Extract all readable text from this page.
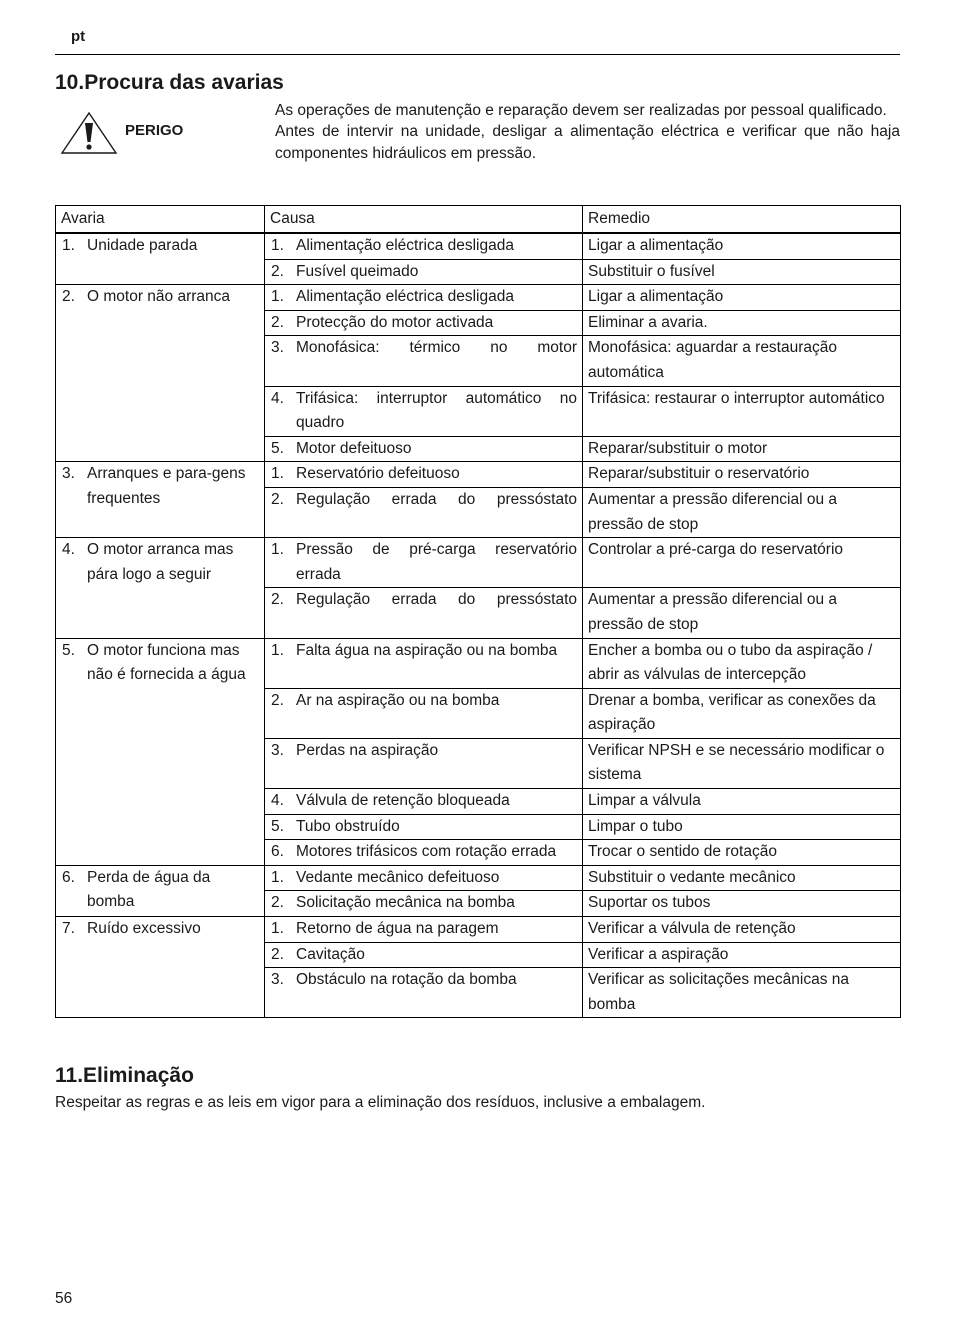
pt
10.Procura das avarias
PERIGO

As operações de manutenção e reparação devem ser realizadas por pessoal qualificado.

Antes de intervir na unidade, desligar a alimentação eléctrica e verificar que não haja componentes hidráulicos em pressão.

Avaria	Causa	Remedio

1. Unidade parada	1. Alimentação eléctrica desligada	Ligar a alimentação

	2. Fusível queimado	Substituir o fusível

2. O motor não arranca	1. Alimentação eléctrica desligada	Ligar a alimentação

	2. Protecção do motor activada	Eliminar a avaria.

	3. Monofásica: térmico no motor	Monofásica: aguardar a restauração automática

	4. Trifásica: interruptor automático no quadro	Trifásica: restaurar o interruptor automático

	5. Motor defeituoso	Reparar/substituir o motor

3. Arranques e para-gens frequentes	1. Reservatório defeituoso	Reparar/substituir o reservatório

	2. Regulação errada do pressóstato	Aumentar a pressão diferencial ou a pressão de stop

4. O motor arranca mas pára logo a seguir	1. Pressão de pré-carga reservatório errada	Controlar a pré-carga do reservatório

	2. Regulação errada do pressóstato	Aumentar a pressão diferencial ou a pressão de stop

5. O motor funciona mas não é fornecida a água	1. Falta água na aspiração ou na bomba	Encher a bomba ou o tubo da aspiração / abrir as válvulas de intercepção

	2. Ar na aspiração ou na bomba	Drenar a bomba, verificar as conexões da aspiração

	3. Perdas na aspiração	Verificar NPSH e se necessário modificar o sistema

	4. Válvula de retenção bloqueada	Limpar a válvula

	5. Tubo obstruído	Limpar o tubo

	6. Motores trifásicos com rotação errada	Trocar o sentido de rotação

6. Perda de água da bomba	1. Vedante mecânico defeituoso	Substituir o vedante mecânico

	2. Solicitação mecânica na bomba	Suportar os tubos

7. Ruído excessivo	1. Retorno de água na paragem	Verificar a válvula de retenção

	2. Cavitação	Verificar a aspiração

	3. Obstáculo na rotação da bomba	Verificar as solicitações mecânicas na bomba
11.Eliminação
Respeitar as regras e as leis em vigor para a eliminação dos resíduos, inclusive a embalagem.
56
